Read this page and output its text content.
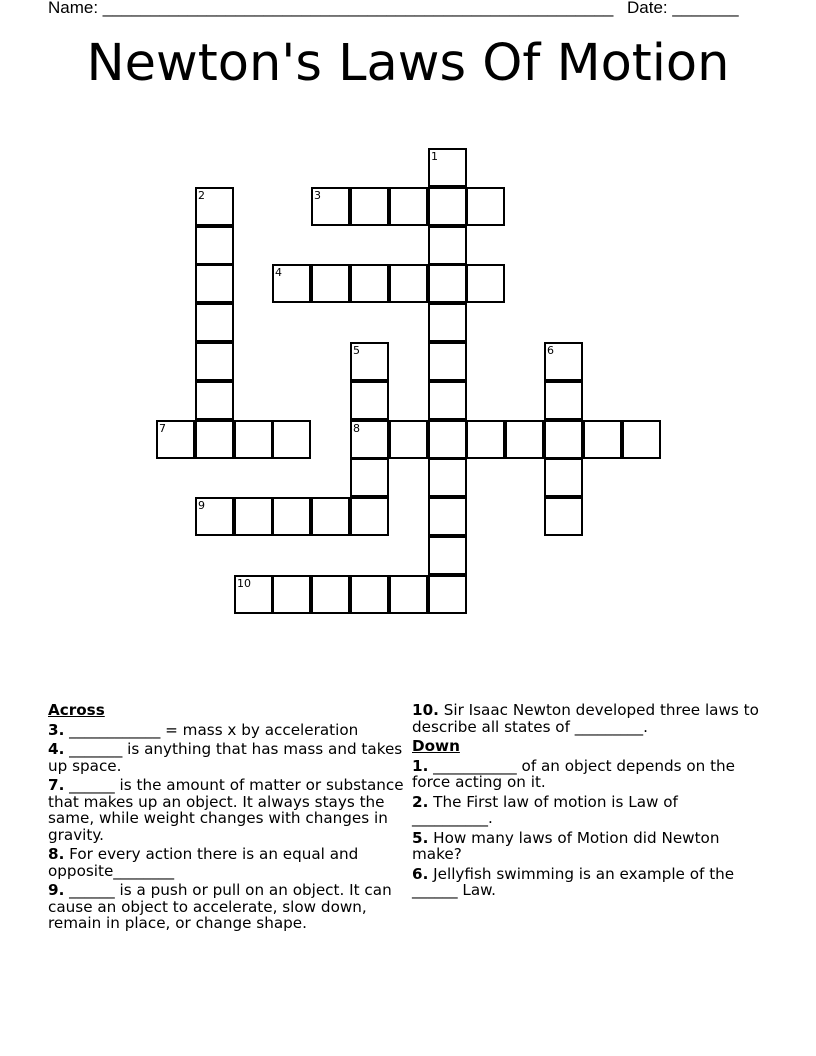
Name: ______________________________________________________ Date: _______
Newton's Laws Of Motion
1
2	3
4
5
8
6
7
9
10
Across
3. ____________ = mass x by acceleration
4. _______ is anything that has mass and takes up space.
7. ______ is the amount of matter or substance that makes up an object. It always stays the same, while weight changes with changes in gravity.
8. For every action there is an equal and opposite________
9. ______ is a push or pull on an object. It can cause an object to accelerate, slow down, remain in place, or change shape.
10. Sir Isaac Newton developed three laws to describe all states of _________.
Down
1. ___________ of an object depends on the force acting on it.
2. The First law of motion is Law of __________.
5. How many laws of Motion did Newton make?
6. Jellyfish swimming is an example of the ______ Law.
